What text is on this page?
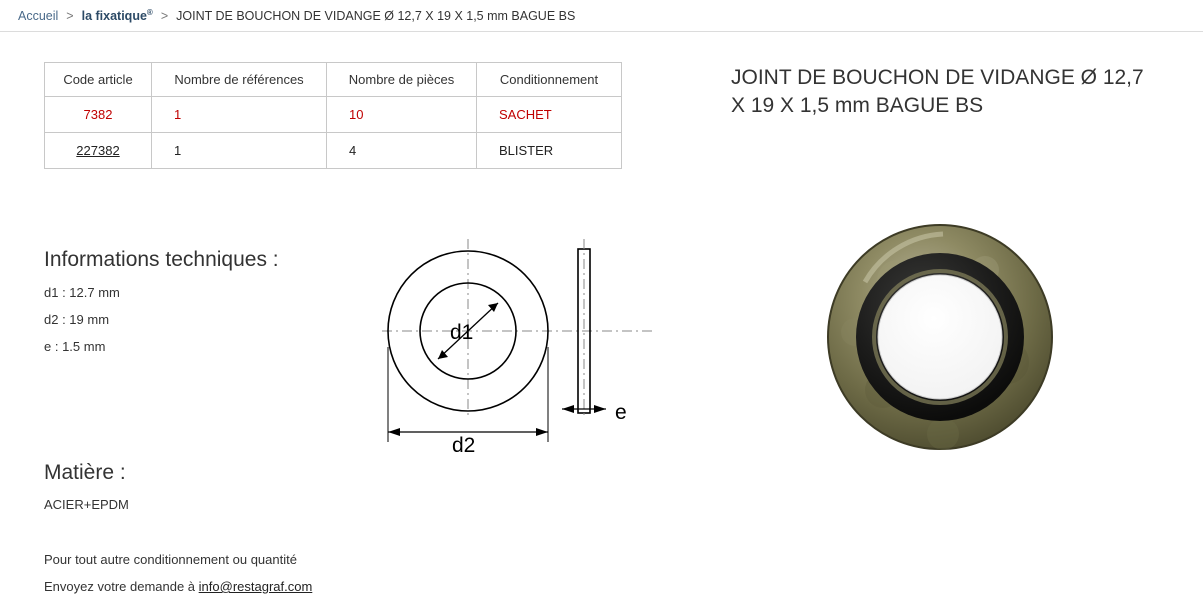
Accueil > la fixatique® > JOINT DE BOUCHON DE VIDANGE Ø 12,7 X 19 X 1,5 mm BAGUE BS
Code article	Nombre de références	Nombre de pièces	Conditionnement
7382	1	10	SACHET
227382	1	4	BLISTER
Informations techniques :
d1 : 12.7 mm
d2 : 19 mm
e : 1.5 mm
d1
d2
e
Matière :
ACIER+EPDM
Pour tout autre conditionnement ou quantité
Envoyez votre demande à info@restagraf.com
JOINT DE BOUCHON DE VIDANGE Ø 12,7 X 19 X 1,5 mm BAGUE BS
